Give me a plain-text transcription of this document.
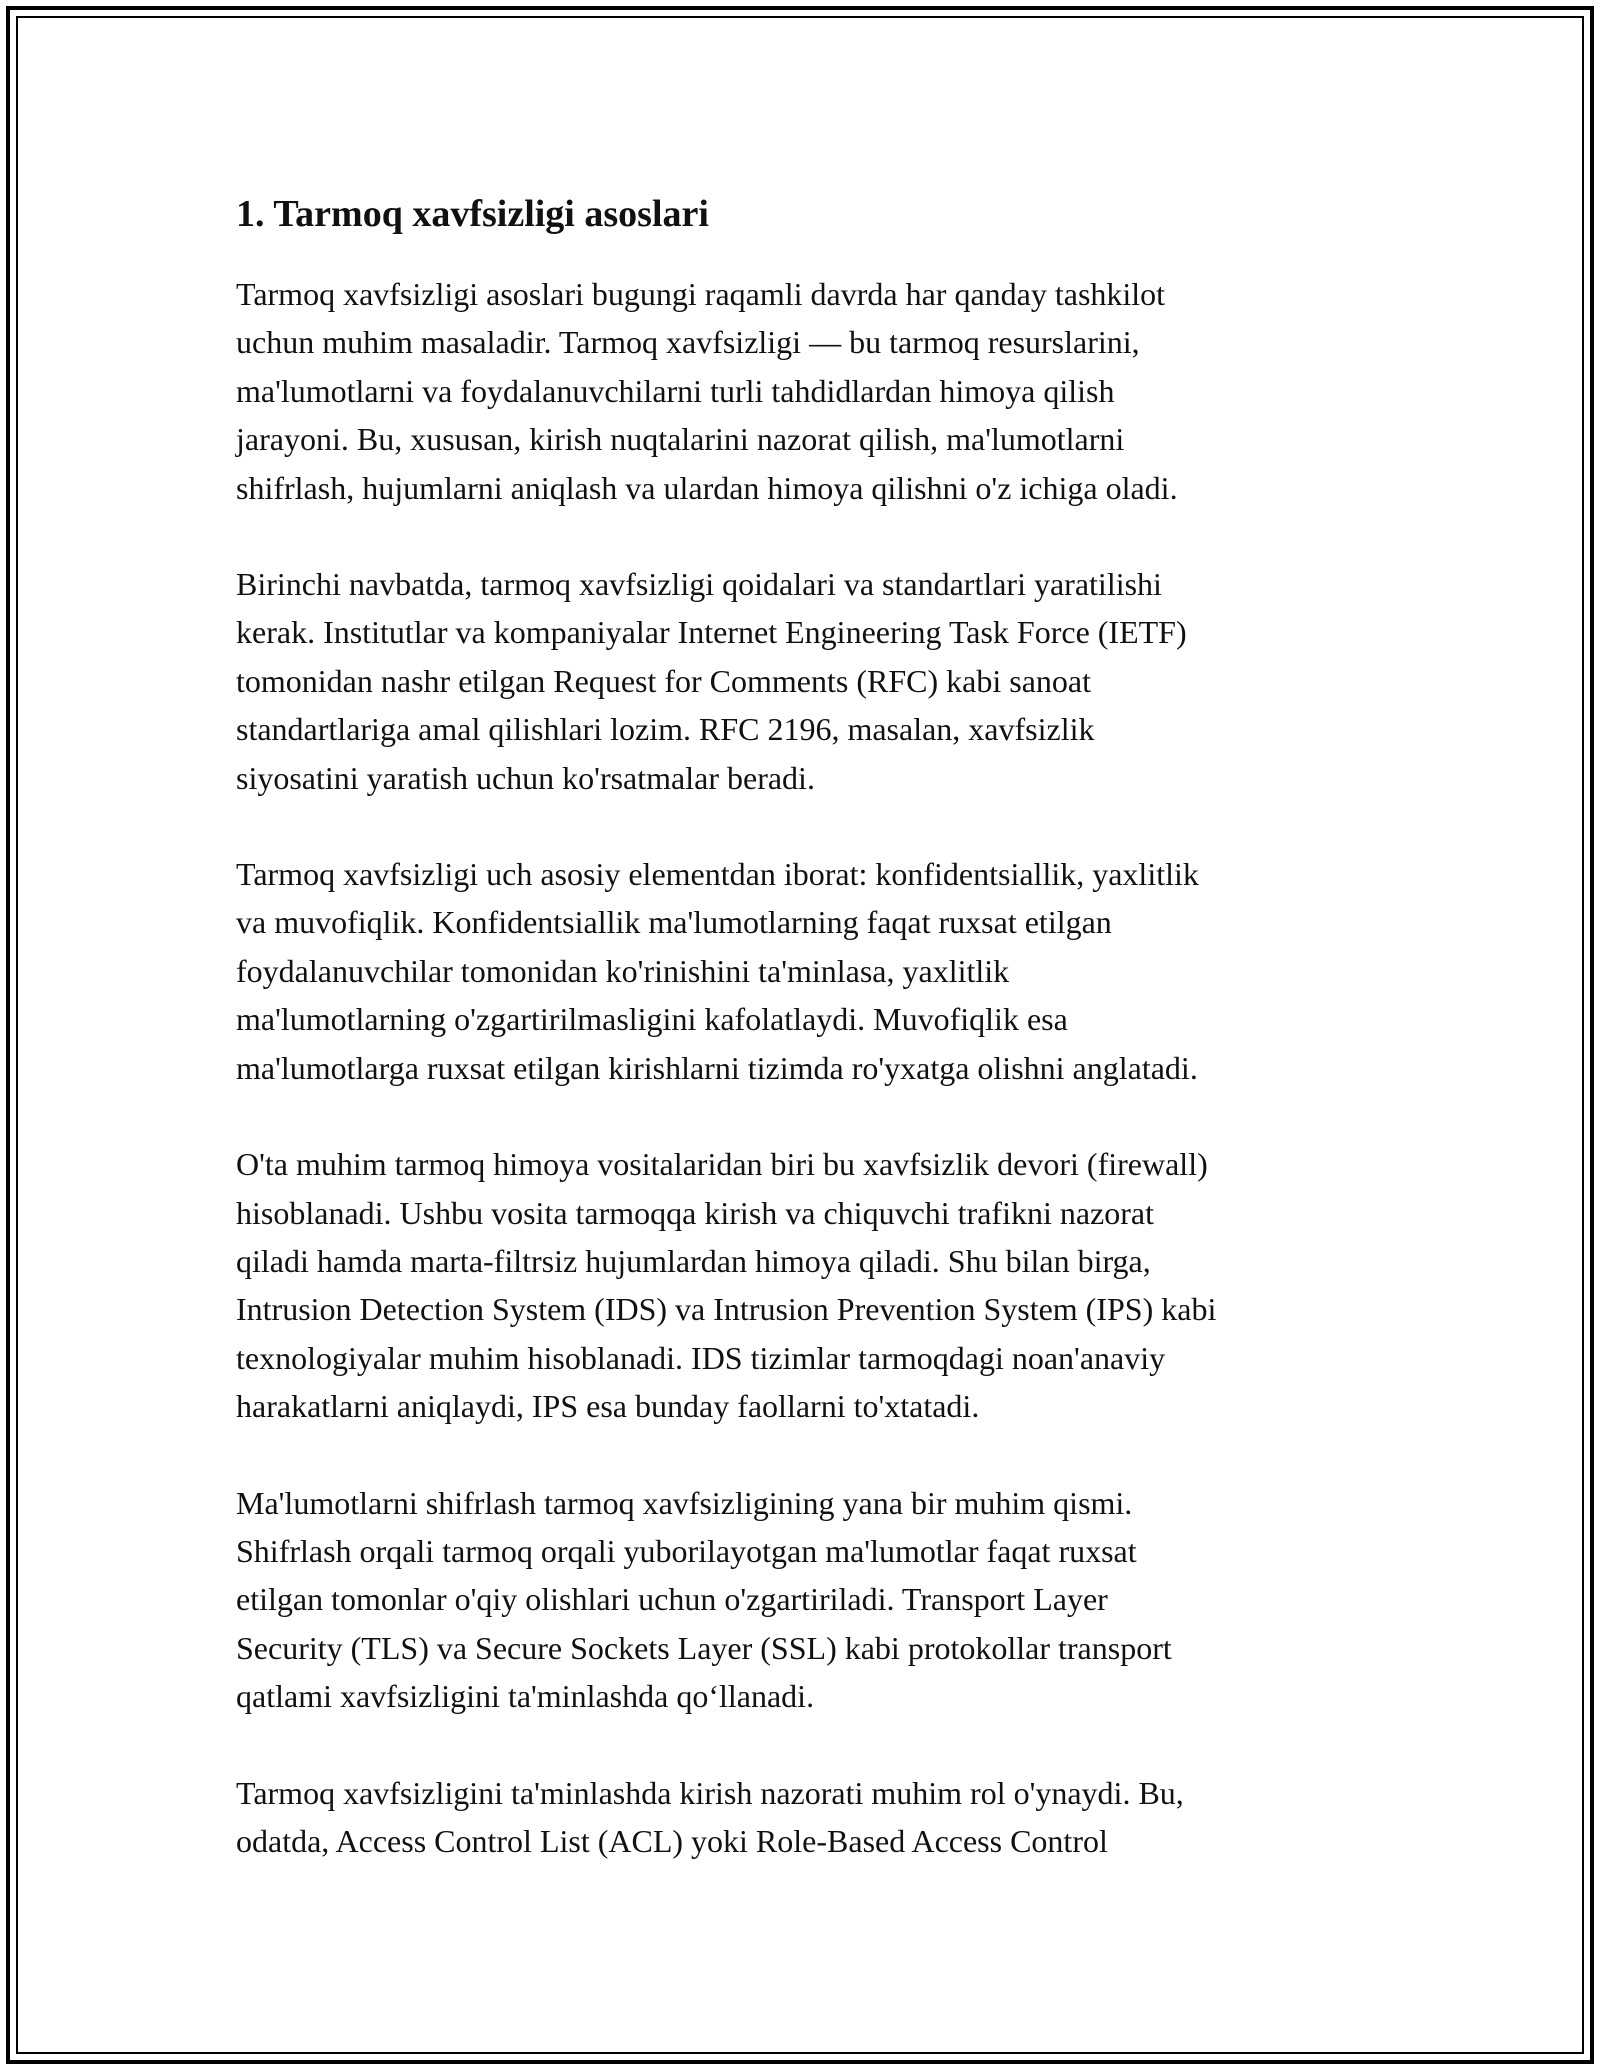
1. Tarmoq xavfsizligi asoslari

Tarmoq xavfsizligi asoslari bugungi raqamli davrda har qanday tashkilot
uchun muhim masaladir. Tarmoq xavfsizligi — bu tarmoq resurslarini,
ma'lumotlarni va foydalanuvchilarni turli tahdidlardan himoya qilish
jarayoni. Bu, xususan, kirish nuqtalarini nazorat qilish, ma'lumotlarni
shifrlash, hujumlarni aniqlash va ulardan himoya qilishni o'z ichiga oladi.

Birinchi navbatda, tarmoq xavfsizligi qoidalari va standartlari yaratilishi
kerak. Institutlar va kompaniyalar Internet Engineering Task Force (IETF)
tomonidan nashr etilgan Request for Comments (RFC) kabi sanoat
standartlariga amal qilishlari lozim. RFC 2196, masalan, xavfsizlik
siyosatini yaratish uchun ko'rsatmalar beradi.

Tarmoq xavfsizligi uch asosiy elementdan iborat: konfidentsiallik, yaxlitlik
va muvofiqlik. Konfidentsiallik ma'lumotlarning faqat ruxsat etilgan
foydalanuvchilar tomonidan ko'rinishini ta'minlasa, yaxlitlik
ma'lumotlarning o'zgartirilmasligini kafolatlaydi. Muvofiqlik esa
ma'lumotlarga ruxsat etilgan kirishlarni tizimda ro'yxatga olishni anglatadi.

O'ta muhim tarmoq himoya vositalaridan biri bu xavfsizlik devori (firewall)
hisoblanadi. Ushbu vosita tarmoqqa kirish va chiquvchi trafikni nazorat
qiladi hamda marta-filtrsiz hujumlardan himoya qiladi. Shu bilan birga,
Intrusion Detection System (IDS) va Intrusion Prevention System (IPS) kabi
texnologiyalar muhim hisoblanadi. IDS tizimlar tarmoqdagi noan'anaviy
harakatlarni aniqlaydi, IPS esa bunday faollarni to'xtatadi.

Ma'lumotlarni shifrlash tarmoq xavfsizligining yana bir muhim qismi.
Shifrlash orqali tarmoq orqali yuborilayotgan ma'lumotlar faqat ruxsat
etilgan tomonlar o'qiy olishlari uchun o'zgartiriladi. Transport Layer
Security (TLS) va Secure Sockets Layer (SSL) kabi protokollar transport
qatlami xavfsizligini ta'minlashda qo‘llanadi.

Tarmoq xavfsizligini ta'minlashda kirish nazorati muhim rol o'ynaydi. Bu,
odatda, Access Control List (ACL) yoki Role-Based Access Control
